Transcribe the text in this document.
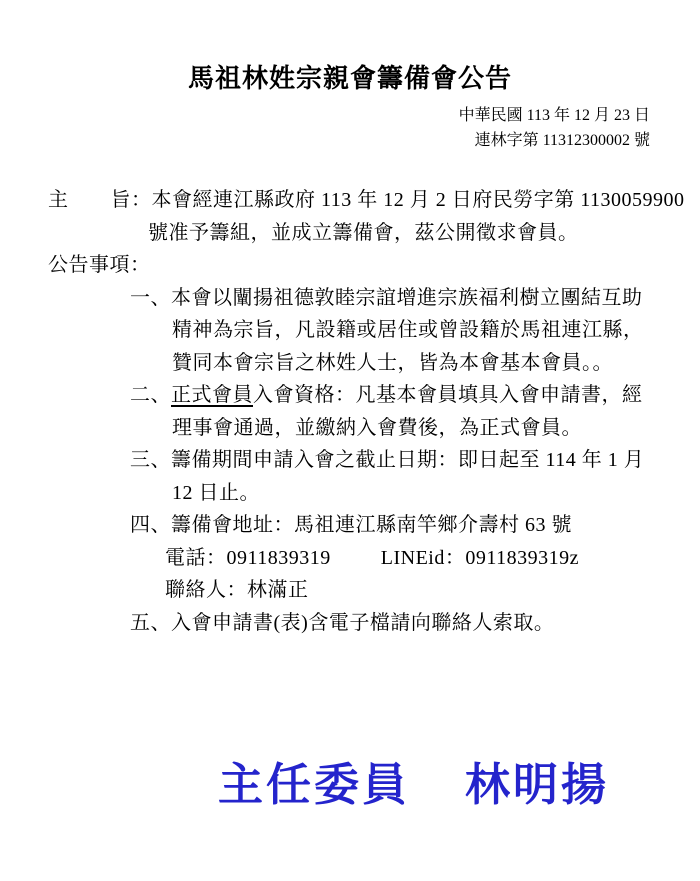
馬祖林姓宗親會籌備會公告
中華民國 113 年 12 月 23 日
連林字第 11312300002 號
主 旨：本會經連江縣政府 113 年 12 月 2 日府民勞字第 1130059900
號准予籌組，並成立籌備會，茲公開徵求會員。
公告事項：
一、本會以闡揚祖德敦睦宗誼增進宗族福利樹立團結互助
精神為宗旨，凡設籍或居住或曾設籍於馬祖連江縣，
贊同本會宗旨之林姓人士，皆為本會基本會員。。
二、正式會員入會資格：凡基本會員填具入會申請書，經
理事會通過，並繳納入會費後，為正式會員。
三、籌備期間申請入會之截止日期：即日起至 114 年 1 月
12 日止。
四、籌備會地址：馬祖連江縣南竿鄉介壽村 63 號
電話：0911839319	LINEid：0911839319z
聯絡人：林滿正
五、入會申請書(表)含電子檔請向聯絡人索取。
主任委員 林明揚
